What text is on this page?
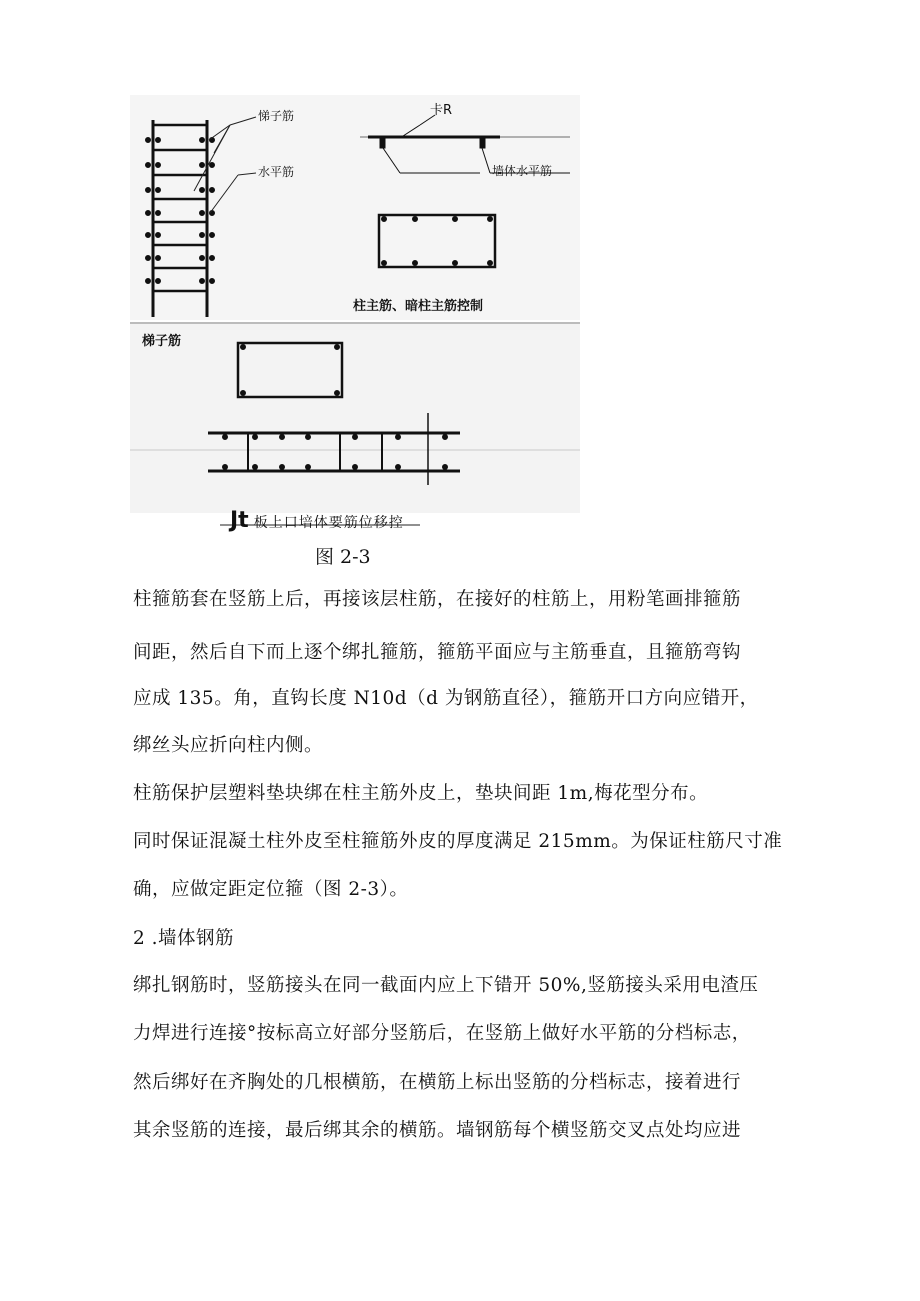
悌子筋
水平筋
卡R
墙体水平筋
柱主筋、暗柱主筋控制
梯子筋
Jt 板上口培体要筋位移控
图 2-3
柱箍筋套在竖筋上后，再接该层柱筋，在接好的柱筋上，用粉笔画排箍筋
间距，然后自下而上逐个绑扎箍筋，箍筋平面应与主筋垂直，且箍筋弯钩
应成 135。角，直钩长度 N10d（d 为钢筋直径），箍筋开口方向应错开，
绑丝头应折向柱内侧。
柱筋保护层塑料垫块绑在柱主筋外皮上，垫块间距 1m,梅花型分布。
同时保证混凝土柱外皮至柱箍筋外皮的厚度满足 215mm。为保证柱筋尺寸准
确，应做定距定位箍（图 2-3）。
2 .墙体钢筋
绑扎钢筋时，竖筋接头在同一截面内应上下错开 50%,竖筋接头采用电渣压
力焊进行连接°按标高立好部分竖筋后，在竖筋上做好水平筋的分档标志，
然后绑好在齐胸处的几根横筋，在横筋上标出竖筋的分档标志，接着进行
其余竖筋的连接，最后绑其余的横筋。墙钢筋每个横竖筋交叉点处均应进
